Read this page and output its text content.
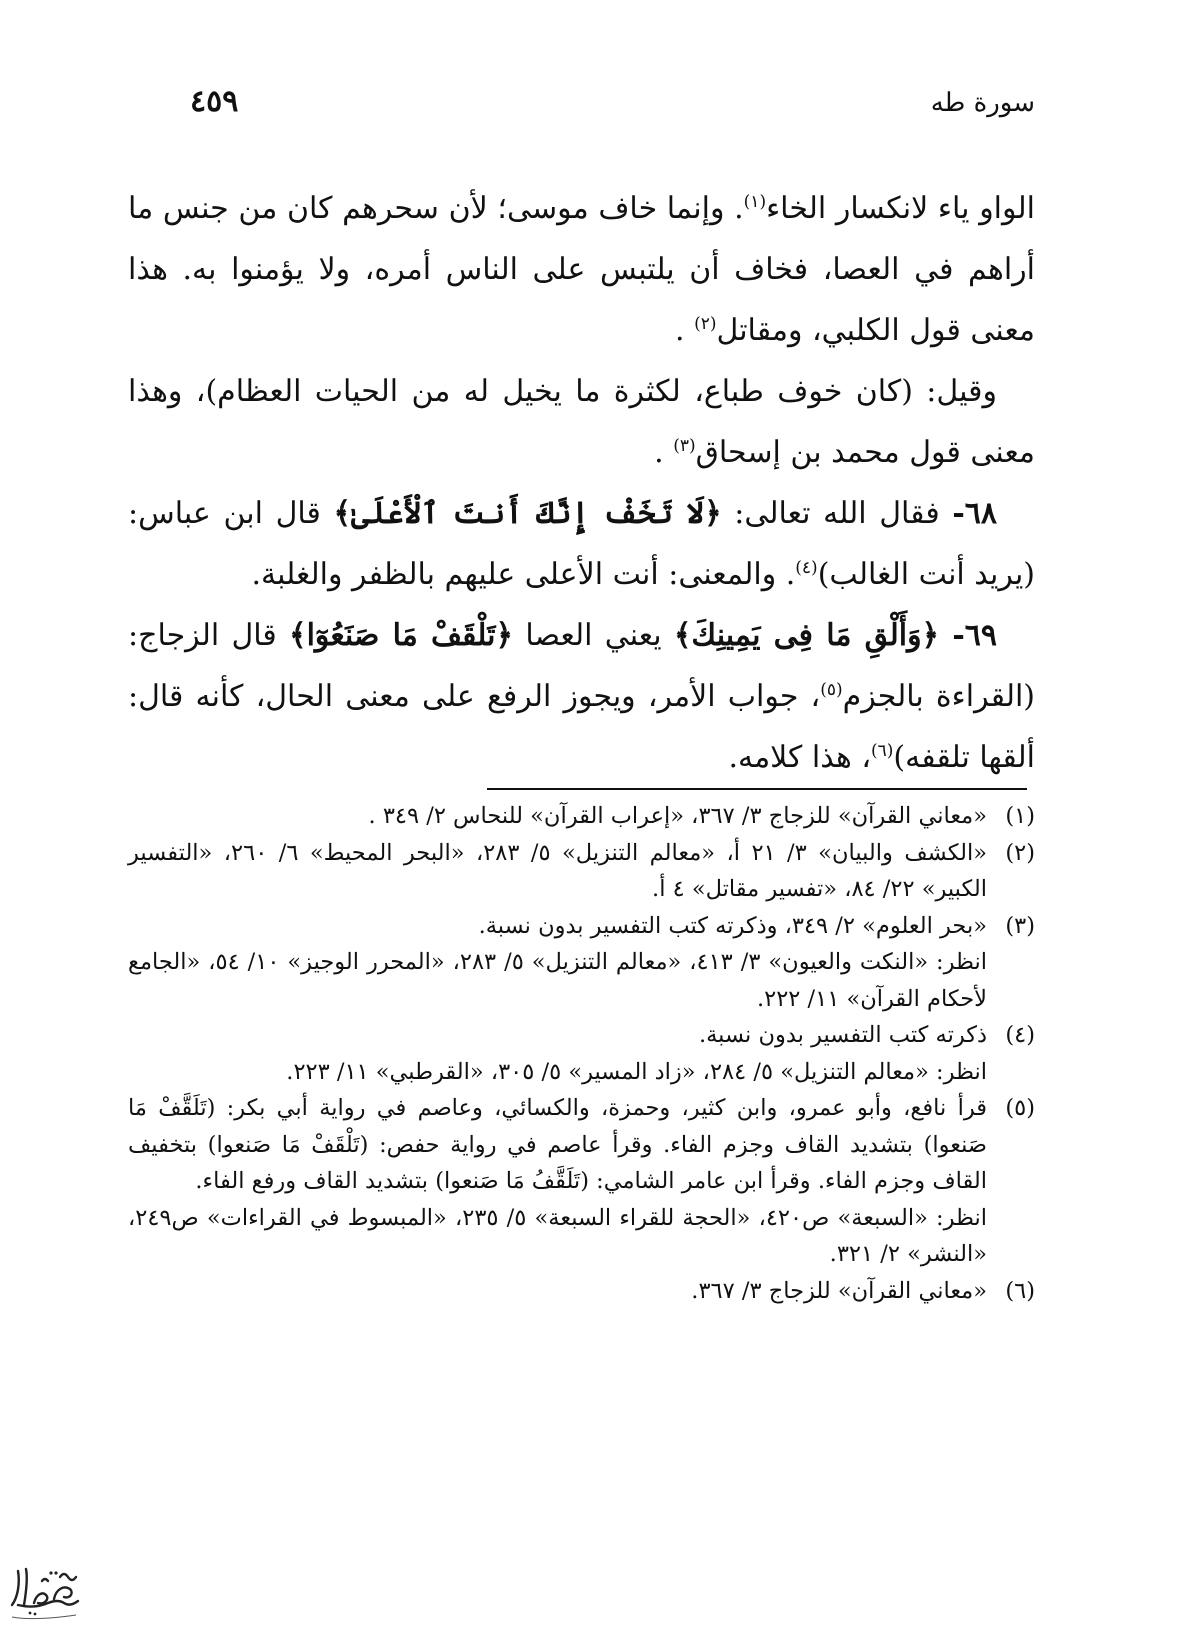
سورة طه
٤٥٩

الواو ياء لانكسار الخاء$^{(١)}$. وإنما خاف موسى؛ لأن سحرهم كان من جنس ما أراهم في العصا، فخاف أن يلتبس على الناس أمره، ولا يؤمنوا به. هذا معنى قول الكلبي، ومقاتل$^{(٢)}$ .

وقيل: (كان خوف طباع، لكثرة ما يخيل له من الحيات العظام)، وهذا معنى قول محمد بن إسحاق$^{(٣)}$ .

٦٨- فقال الله تعالى: ﴿لَا تَخَفْ إِنَّكَ أَنتَ ٱلْأَعْلَىٰ﴾ قال ابن عباس: (يريد أنت الغالب)$^{(٤)}$. والمعنى: أنت الأعلى عليهم بالظفر والغلبة.

٦٩- ﴿وَأَلْقِ مَا فِى يَمِينِكَ﴾ يعني العصا ﴿تَلْقَفْ مَا صَنَعُوٓا﴾ قال الزجاج: (القراءة بالجزم$^{(٥)}$، جواب الأمر، ويجوز الرفع على معنى الحال، كأنه قال: ألقها تلقفه)$^{(٦)}$، هذا كلامه.

(١)

«معاني القرآن» للزجاج ٣/ ٣٦٧، «إعراب القرآن» للنحاس ٢/ ٣٤٩ .

(٢)

«الكشف والبيان» ٣/ ٢١ أ، «معالم التنزيل» ٥/ ٢٨٣، «البحر المحيط» ٦/ ٢٦٠، «التفسير الكبير» ٢٢/ ٨٤، «تفسير مقاتل» ٤ أ.

(٣)

«بحر العلوم» ٢/ ٣٤٩، وذكرته كتب التفسير بدون نسبة.

انظر: «النكت والعيون» ٣/ ٤١٣، «معالم التنزيل» ٥/ ٢٨٣، «المحرر الوجيز» ١٠/ ٥٤، «الجامع لأحكام القرآن» ١١/ ٢٢٢.

(٤)

ذكرته كتب التفسير بدون نسبة.

انظر: «معالم التنزيل» ٥/ ٢٨٤، «زاد المسير» ٥/ ٣٠٥، «القرطبي» ١١/ ٢٢٣.

(٥)

قرأ نافع، وأبو عمرو، وابن كثير، وحمزة، والكسائي، وعاصم في رواية أبي بكر: (تَلَقَّفْ مَا صَنعوا) بتشديد القاف وجزم الفاء. وقرأ عاصم في رواية حفص: (تَلْقَفْ مَا صَنعوا) بتخفيف القاف وجزم الفاء. وقرأ ابن عامر الشامي: (تَلَقَّفُ مَا صَنعوا) بتشديد القاف ورفع الفاء.

انظر: «السبعة» ص٤٢٠، «الحجة للقراء السبعة» ٥/ ٢٣٥، «المبسوط في القراءات» ص٢٤٩، «النشر» ٢/ ٣٢١.

(٦)

«معاني القرآن» للزجاج ٣/ ٣٦٧.
